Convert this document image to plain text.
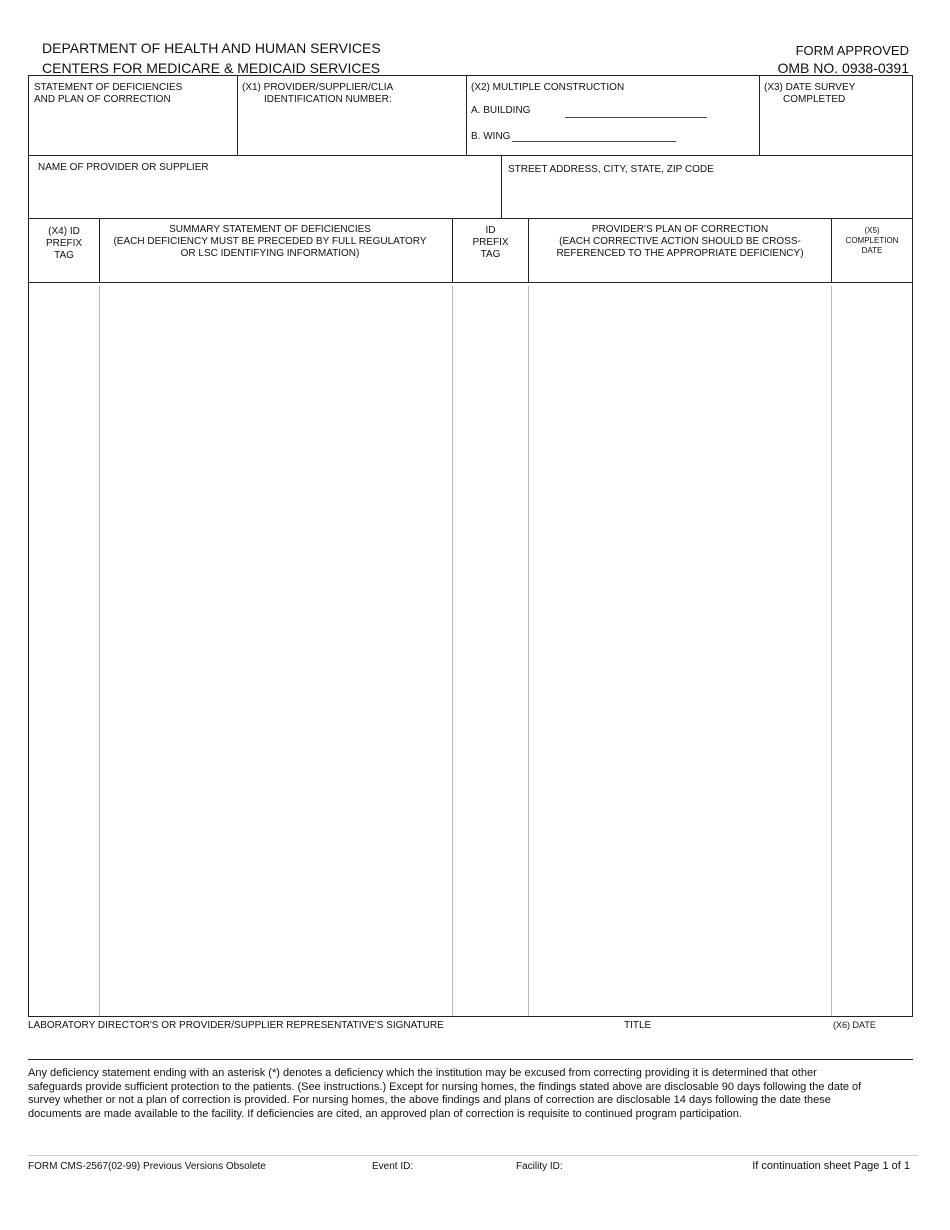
DEPARTMENT OF HEALTH AND HUMAN SERVICES
CENTERS FOR MEDICARE & MEDICAID SERVICES
FORM APPROVED
OMB NO. 0938-0391
STATEMENT OF DEFICIENCIES
AND PLAN OF CORRECTION
(X1) PROVIDER/SUPPLIER/CLIA
IDENTIFICATION NUMBER:
(X2) MULTIPLE CONSTRUCTION
A. BUILDING
B. WING
(X3) DATE SURVEY
COMPLETED
NAME OF PROVIDER OR SUPPLIER	STREET ADDRESS, CITY, STATE, ZIP CODE
(X4) ID
PREFIX
TAG
SUMMARY STATEMENT OF DEFICIENCIES
(EACH DEFICIENCY MUST BE PRECEDED BY FULL REGULATORY
OR LSC IDENTIFYING INFORMATION)
ID
PREFIX
TAG
PROVIDER'S PLAN OF CORRECTION
(EACH CORRECTIVE ACTION SHOULD BE CROSS-
REFERENCED TO THE APPROPRIATE DEFICIENCY)
(X5)
COMPLETION
DATE
LABORATORY DIRECTOR'S OR PROVIDER/SUPPLIER REPRESENTATIVE'S SIGNATURE	TITLE	(X6) DATE
Any deficiency statement ending with an asterisk (*) denotes a deficiency which the institution may be excused from correcting providing it is determined that other
safeguards provide sufficient protection to the patients. (See instructions.) Except for nursing homes, the findings stated above are disclosable 90 days following the date of
survey whether or not a plan of correction is provided. For nursing homes, the above findings and plans of correction are disclosable 14 days following the date these
documents are made available to the facility. If deficiencies are cited, an approved plan of correction is requisite to continued program participation.
FORM CMS-2567(02-99) Previous Versions Obsolete	Event ID:	Facility ID:	If continuation sheet Page 1 of 1
